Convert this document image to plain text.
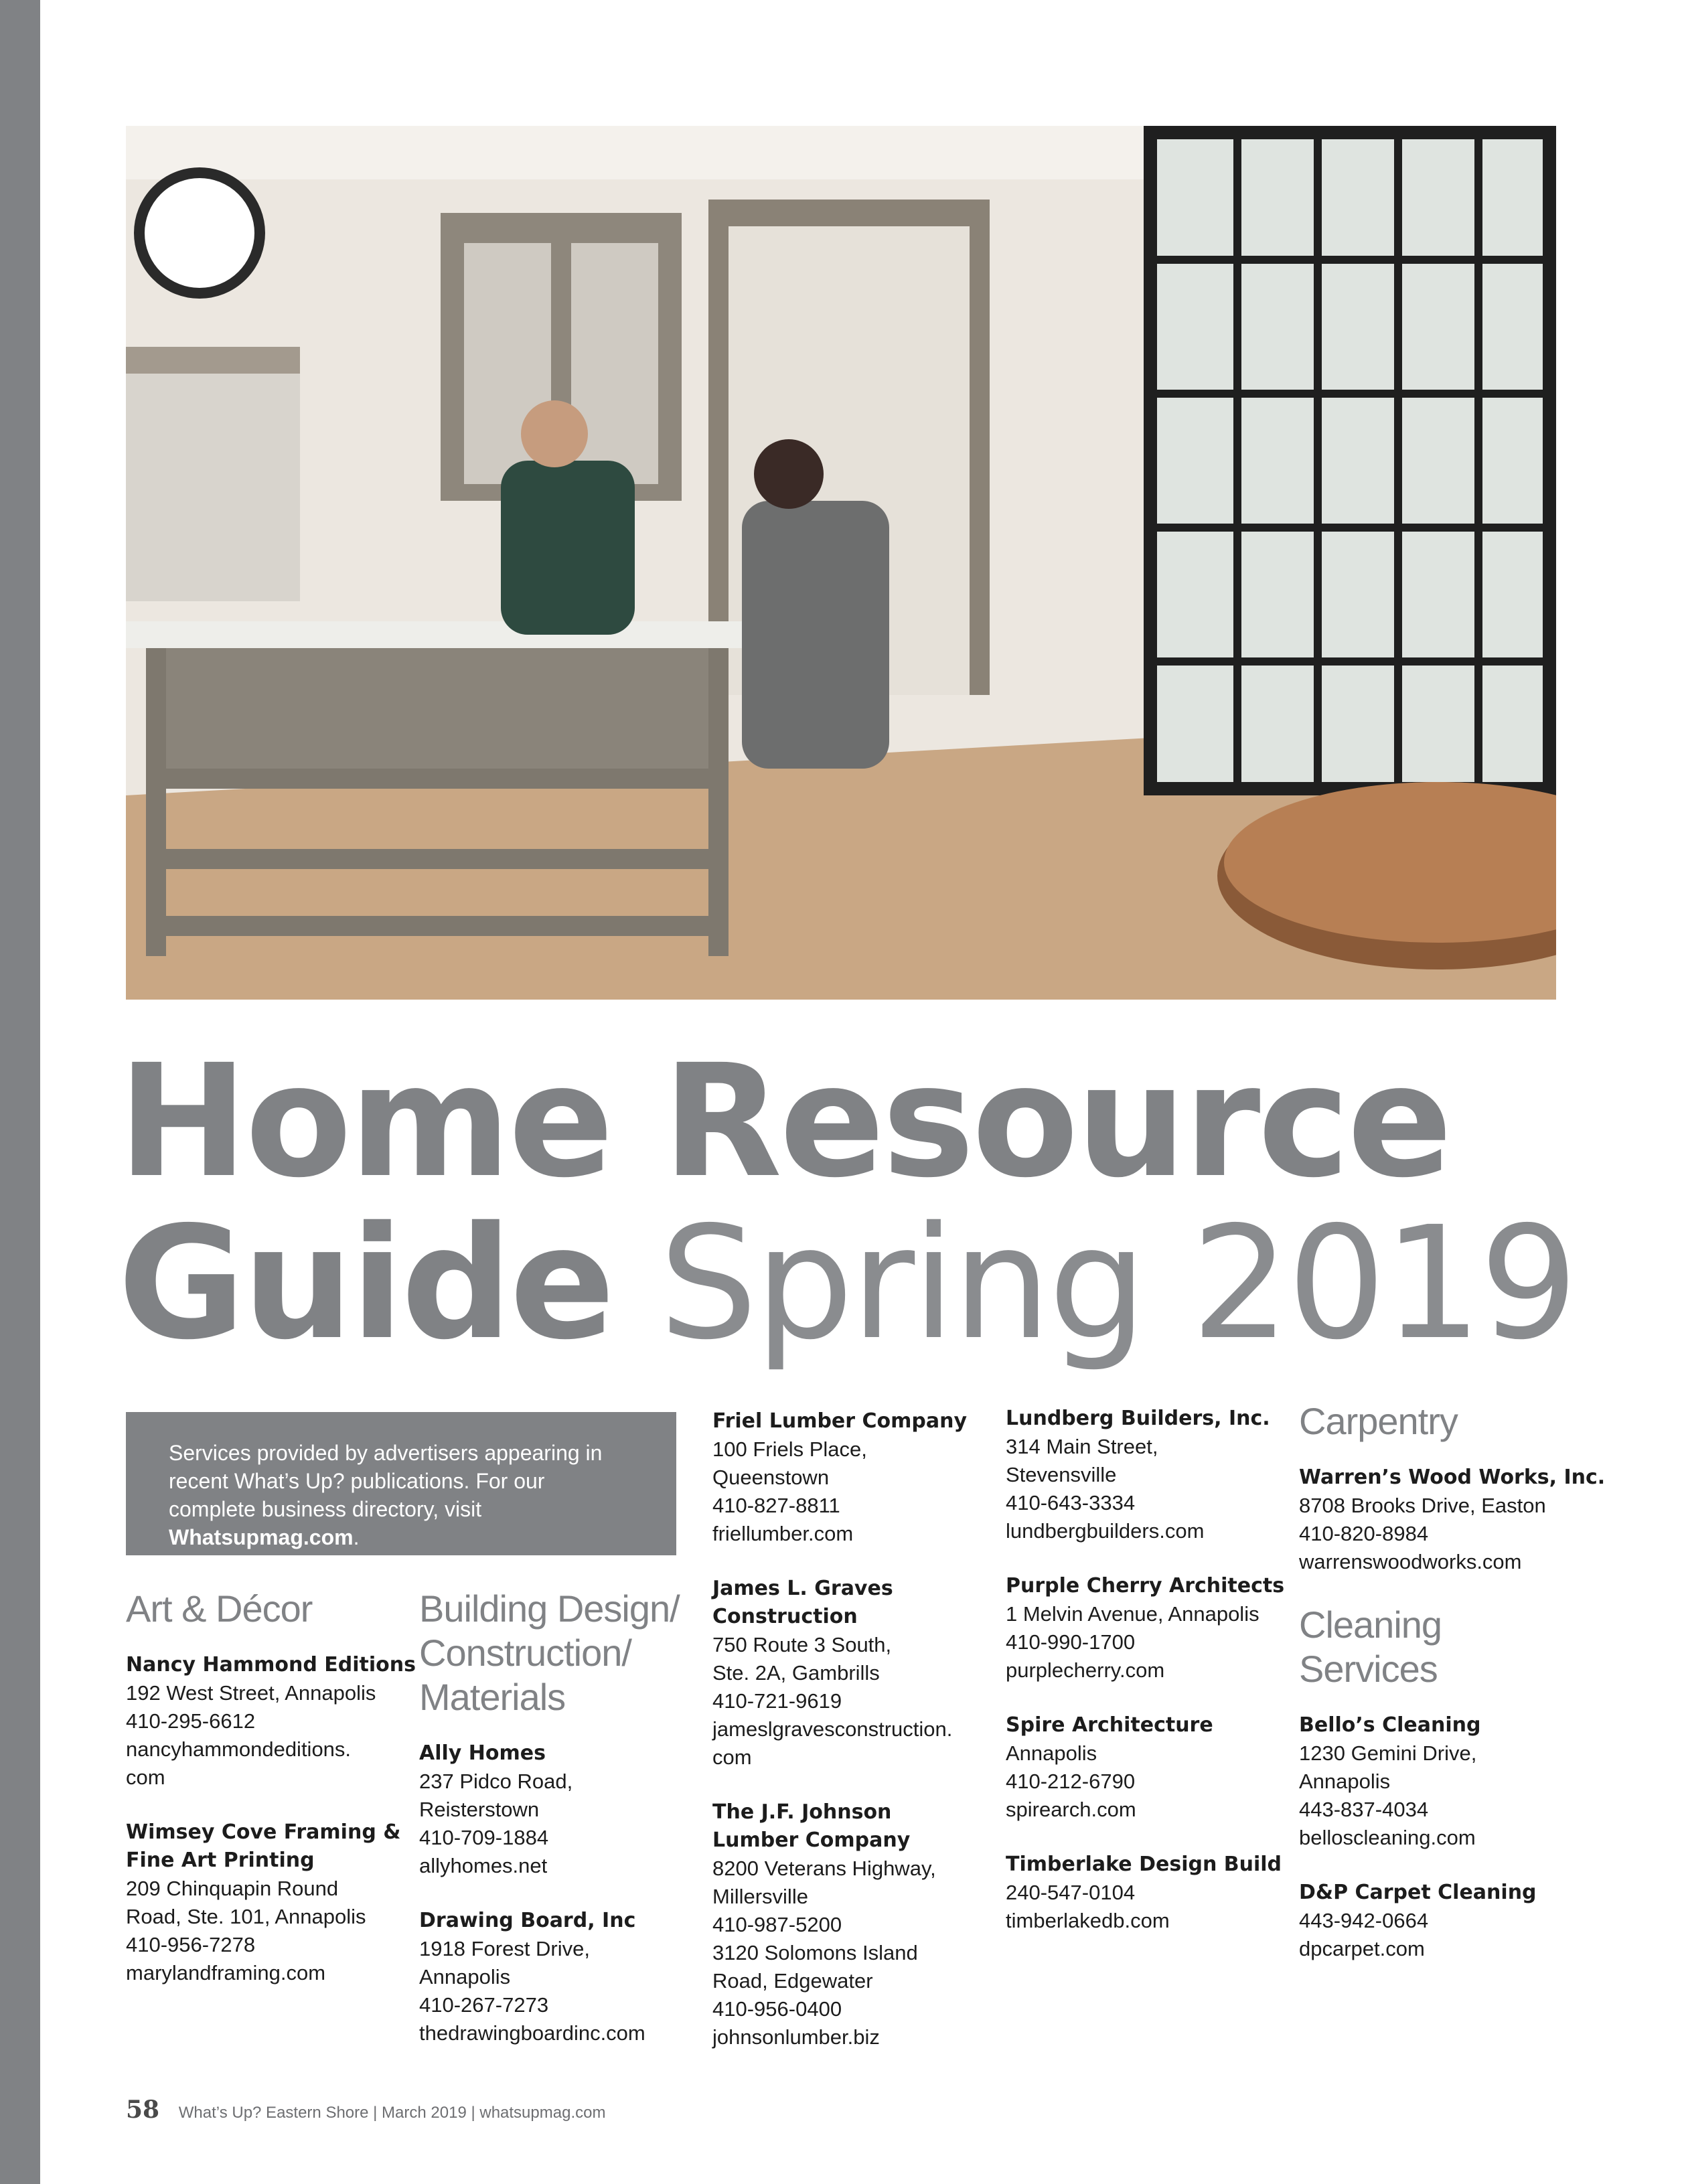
Home Resource
Guide Spring 2019
Services provided by advertisers appearing in recent What’s Up? publications. For our complete business directory, visit Whatsupmag.com.
Art & Décor
Nancy Hammond Editions
192 West Street, Annapolis
410-295-6612
nancyhammondeditions.
com
Wimsey Cove Framing &
Fine Art Printing
209 Chinquapin Round
Road, Ste. 101, Annapolis
410-956-7278
marylandframing.com
Building Design/ Construction/ Materials
Ally Homes
237 Pidco Road,
Reisterstown
410-709-1884
allyhomes.net
Drawing Board, Inc
1918 Forest Drive,
Annapolis
410-267-7273
thedrawingboardinc.com
Friel Lumber Company
100 Friels Place,
Queenstown
410-827-8811
friellumber.com
James L. Graves
Construction
750 Route 3 South,
Ste. 2A, Gambrills
410-721-9619
jameslgravesconstruction.
com
The J.F. Johnson
Lumber Company
8200 Veterans Highway,
Millersville
410-987-5200
3120 Solomons Island
Road, Edgewater
410-956-0400
johnsonlumber.biz
Lundberg Builders, Inc.
314 Main Street,
Stevensville
410-643-3334
lundbergbuilders.com
Purple Cherry Architects
1 Melvin Avenue, Annapolis
410-990-1700
purplecherry.com
Spire Architecture
Annapolis
410-212-6790
spirearch.com
Timberlake Design Build
240-547-0104
timberlakedb.com
Carpentry
Warren’s Wood Works, Inc.
8708 Brooks Drive, Easton
410-820-8984
warrenswoodworks.com
Cleaning Services
Bello’s Cleaning
1230 Gemini Drive,
Annapolis
443-837-4034
belloscleaning.com
D&P Carpet Cleaning
443-942-0664
dpcarpet.com
58 What’s Up? Eastern Shore | March 2019 | whatsupmag.com
